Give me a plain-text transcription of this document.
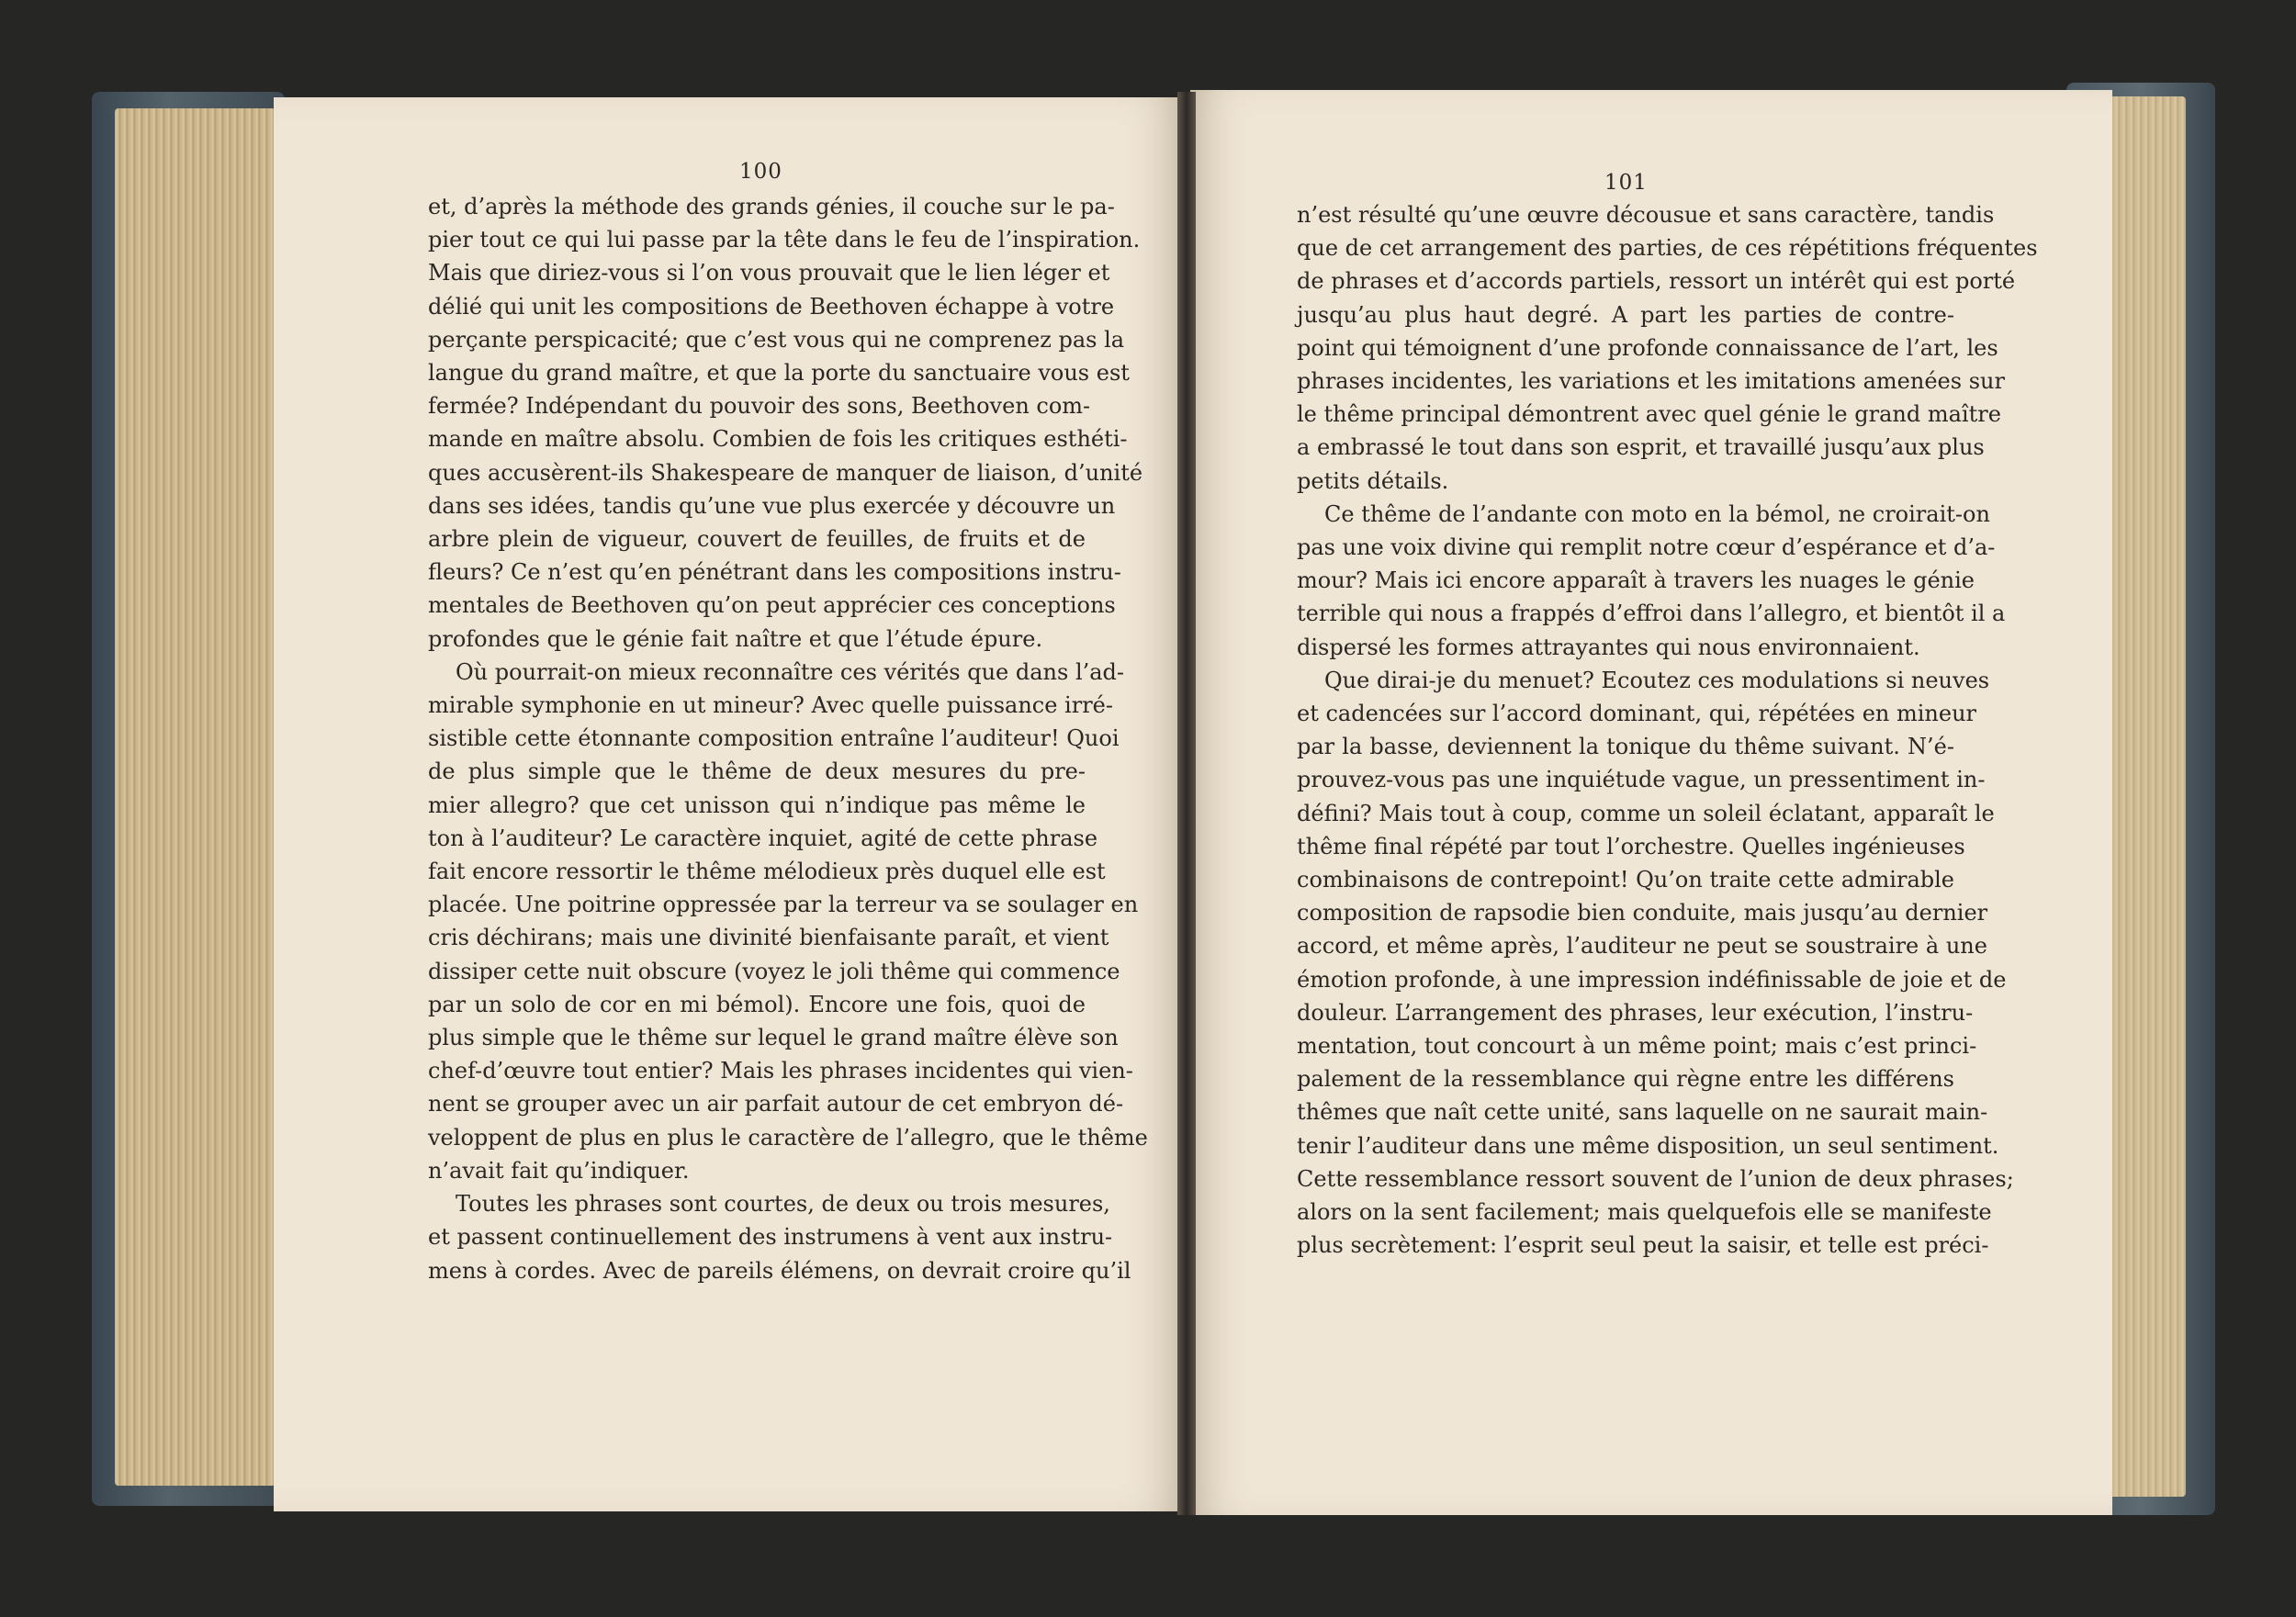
100	101
et, d’après la méthode des grands génies, il couche sur le pa-
pier tout ce qui lui passe par la tête dans le feu de l’inspiration.
Mais que diriez-vous si l’on vous prouvait que le lien léger et
délié qui unit les compositions de Beethoven échappe à votre
perçante perspicacité; que c’est vous qui ne comprenez pas la
langue du grand maître, et que la porte du sanctuaire vous est
fermée? Indépendant du pouvoir des sons, Beethoven com-
mande en maître absolu. Combien de fois les critiques esthéti-
ques accusèrent-ils Shakespeare de manquer de liaison, d’unité
dans ses idées, tandis qu’une vue plus exercée y découvre un
arbre plein de vigueur, couvert de feuilles, de fruits et de
fleurs? Ce n’est qu’en pénétrant dans les compositions instru-
mentales de Beethoven qu’on peut apprécier ces conceptions
profondes que le génie fait naître et que l’étude épure.
Où pourrait-on mieux reconnaître ces vérités que dans l’ad-
mirable symphonie en ut mineur? Avec quelle puissance irré-
sistible cette étonnante composition entraîne l’auditeur! Quoi
de plus simple que le thême de deux mesures du pre-
mier allegro? que cet unisson qui n’indique pas même le
ton à l’auditeur? Le caractère inquiet, agité de cette phrase
fait encore ressortir le thême mélodieux près duquel elle est
placée. Une poitrine oppressée par la terreur va se soulager en
cris déchirans; mais une divinité bienfaisante paraît, et vient
dissiper cette nuit obscure (voyez le joli thême qui commence
par un solo de cor en mi bémol). Encore une fois, quoi de
plus simple que le thême sur lequel le grand maître élève son
chef-d’œuvre tout entier? Mais les phrases incidentes qui vien-
nent se grouper avec un air parfait autour de cet embryon dé-
veloppent de plus en plus le caractère de l’allegro, que le thême
n’avait fait qu’indiquer.
Toutes les phrases sont courtes, de deux ou trois mesures,
et passent continuellement des instrumens à vent aux instru-
mens à cordes. Avec de pareils élémens, on devrait croire qu’il
n’est résulté qu’une œuvre décousue et sans caractère, tandis
que de cet arrangement des parties, de ces répétitions fréquentes
de phrases et d’accords partiels, ressort un intérêt qui est porté
jusqu’au plus haut degré. A part les parties de contre-
point qui témoignent d’une profonde connaissance de l’art, les
phrases incidentes, les variations et les imitations amenées sur
le thême principal démontrent avec quel génie le grand maître
a embrassé le tout dans son esprit, et travaillé jusqu’aux plus
petits détails.
Ce thême de l’andante con moto en la bémol, ne croirait-on
pas une voix divine qui remplit notre cœur d’espérance et d’a-
mour? Mais ici encore apparaît à travers les nuages le génie
terrible qui nous a frappés d’effroi dans l’allegro, et bientôt il a
dispersé les formes attrayantes qui nous environnaient.
Que dirai-je du menuet? Ecoutez ces modulations si neuves
et cadencées sur l’accord dominant, qui, répétées en mineur
par la basse, deviennent la tonique du thême suivant. N’é-
prouvez-vous pas une inquiétude vague, un pressentiment in-
défini? Mais tout à coup, comme un soleil éclatant, apparaît le
thême final répété par tout l’orchestre. Quelles ingénieuses
combinaisons de contrepoint! Qu’on traite cette admirable
composition de rapsodie bien conduite, mais jusqu’au dernier
accord, et même après, l’auditeur ne peut se soustraire à une
émotion profonde, à une impression indéfinissable de joie et de
douleur. L’arrangement des phrases, leur exécution, l’instru-
mentation, tout concourt à un même point; mais c’est princi-
palement de la ressemblance qui règne entre les différens
thêmes que naît cette unité, sans laquelle on ne saurait main-
tenir l’auditeur dans une même disposition, un seul sentiment.
Cette ressemblance ressort souvent de l’union de deux phrases;
alors on la sent facilement; mais quelquefois elle se manifeste
plus secrètement: l’esprit seul peut la saisir, et telle est préci-
